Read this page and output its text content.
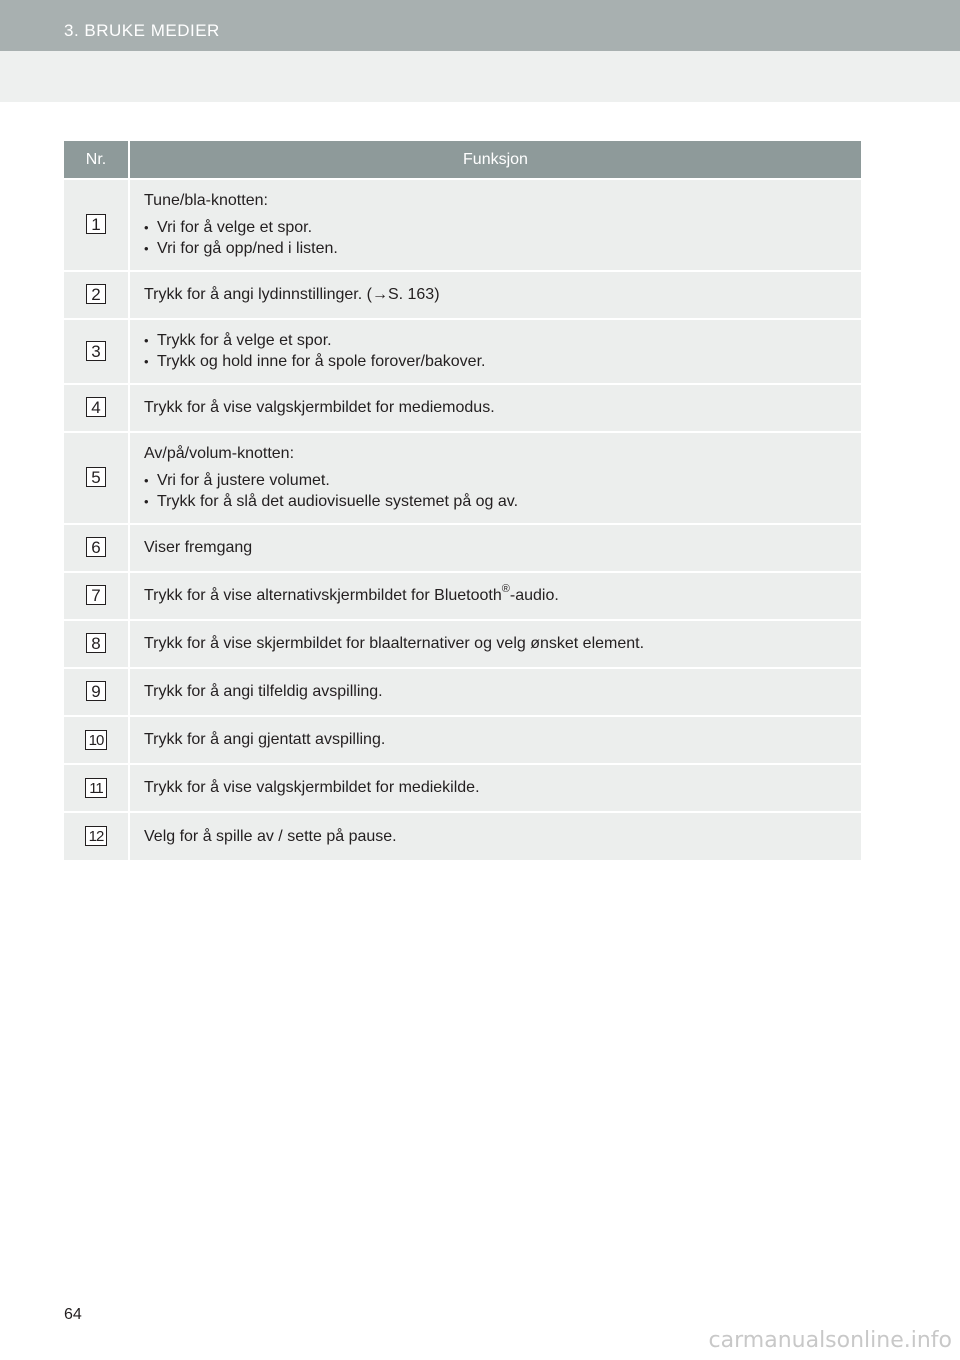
3. BRUKE MEDIER
Nr.	Funksjon
1	Tune/bla-knotten:
• Vri for å velge et spor.
• Vri for gå opp/ned i listen.

2	Trykk for å angi lydinnstillinger. (→S. 163)
3	• Trykk for å velge et spor.
• Trykk og hold inne for å spole forover/bakover.

4	Trykk for å vise valgskjermbildet for mediemodus.
5	Av/på/volum-knotten:
• Vri for å justere volumet.
• Trykk for å slå det audiovisuelle systemet på og av.

6	Viser fremgang
7	Trykk for å vise alternativskjermbildet for Bluetooth®-audio.
8	Trykk for å vise skjermbildet for blaalternativer og velg ønsket element.
9	Trykk for å angi tilfeldig avspilling.
10	Trykk for å angi gjentatt avspilling.
11	Trykk for å vise valgskjermbildet for mediekilde.
12	Velg for å spille av / sette på pause.
64
carmanualsonline.info
